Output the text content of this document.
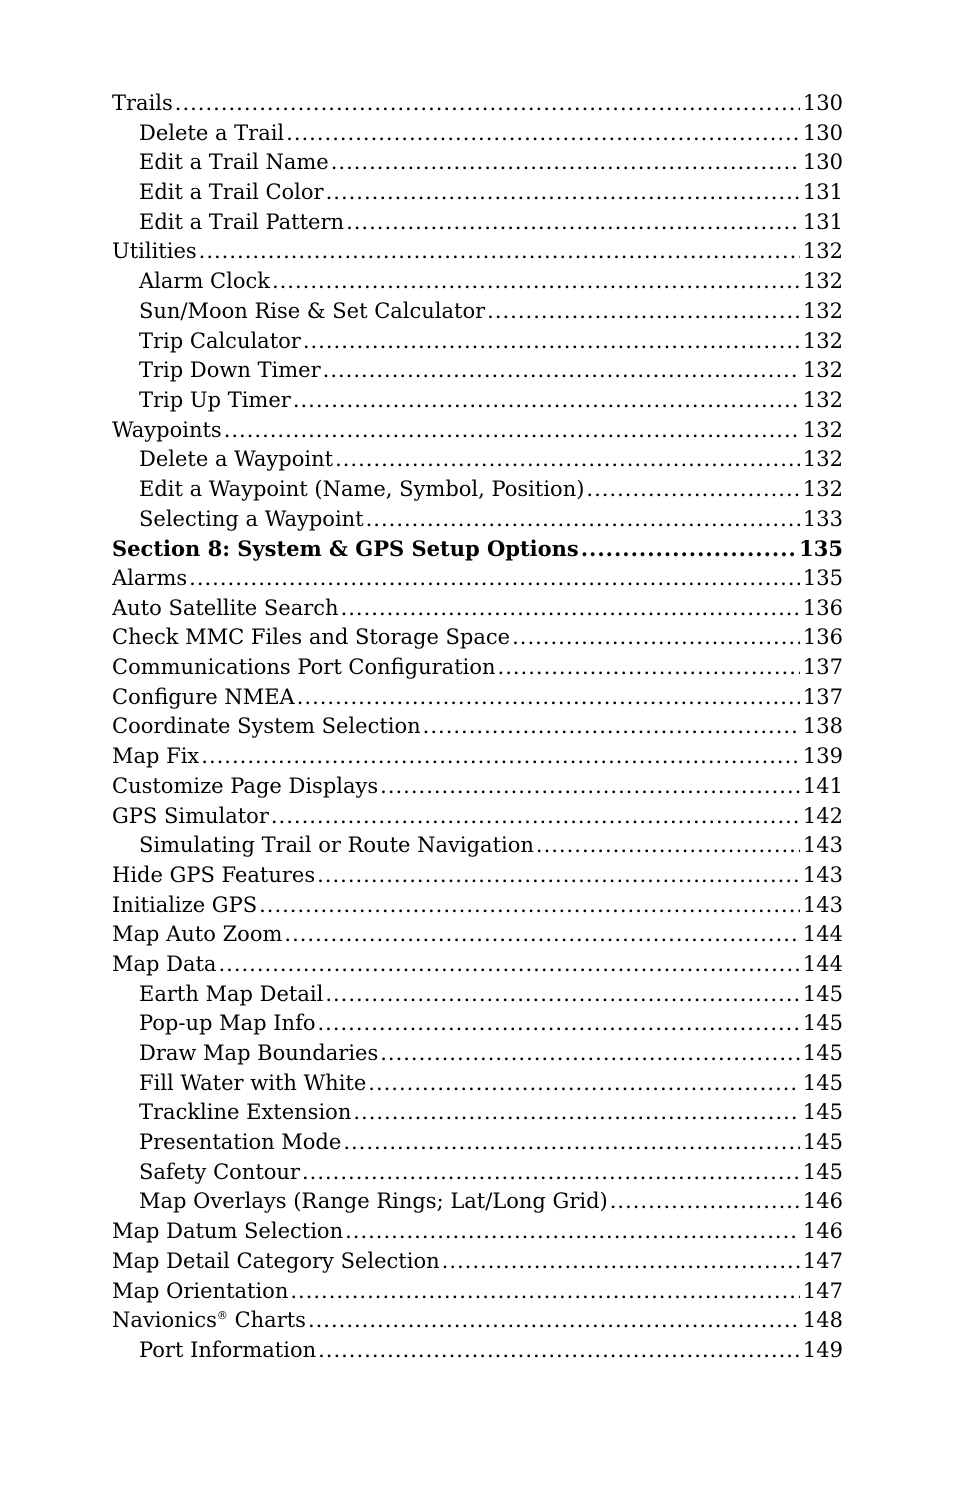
Trails .....	130
Delete a Trail .....	130
Edit a Trail Name .....	130
Edit a Trail Color .....	131
Edit a Trail Pattern .....	131
Utilities .....	132
Alarm Clock .....	132
Sun/Moon Rise & Set Calculator .....	132
Trip Calculator .....	132
Trip Down Timer .....	132
Trip Up Timer .....	132
Waypoints .....	132
Delete a Waypoint .....	132
Edit a Waypoint (Name, Symbol, Position) .....	132
Selecting a Waypoint .....	133
Section 8: System & GPS Setup Options .....	135
Alarms .....	135
Auto Satellite Search .....	136
Check MMC Files and Storage Space .....	136
Communications Port Configuration .....	137
Configure NMEA .....	137
Coordinate System Selection .....	138
Map Fix .....	139
Customize Page Displays .....	141
GPS Simulator .....	142
Simulating Trail or Route Navigation .....	143
Hide GPS Features .....	143
Initialize GPS .....	143
Map Auto Zoom .....	144
Map Data .....	144
Earth Map Detail .....	145
Pop-up Map Info .....	145
Draw Map Boundaries .....	145
Fill Water with White .....	145
Trackline Extension .....	145
Presentation Mode .....	145
Safety Contour .....	145
Map Overlays (Range Rings; Lat/Long Grid) .....	146
Map Datum Selection .....	146
Map Detail Category Selection .....	147
Map Orientation .....	147
Navionics® Charts .....	148
Port Information .....	149
